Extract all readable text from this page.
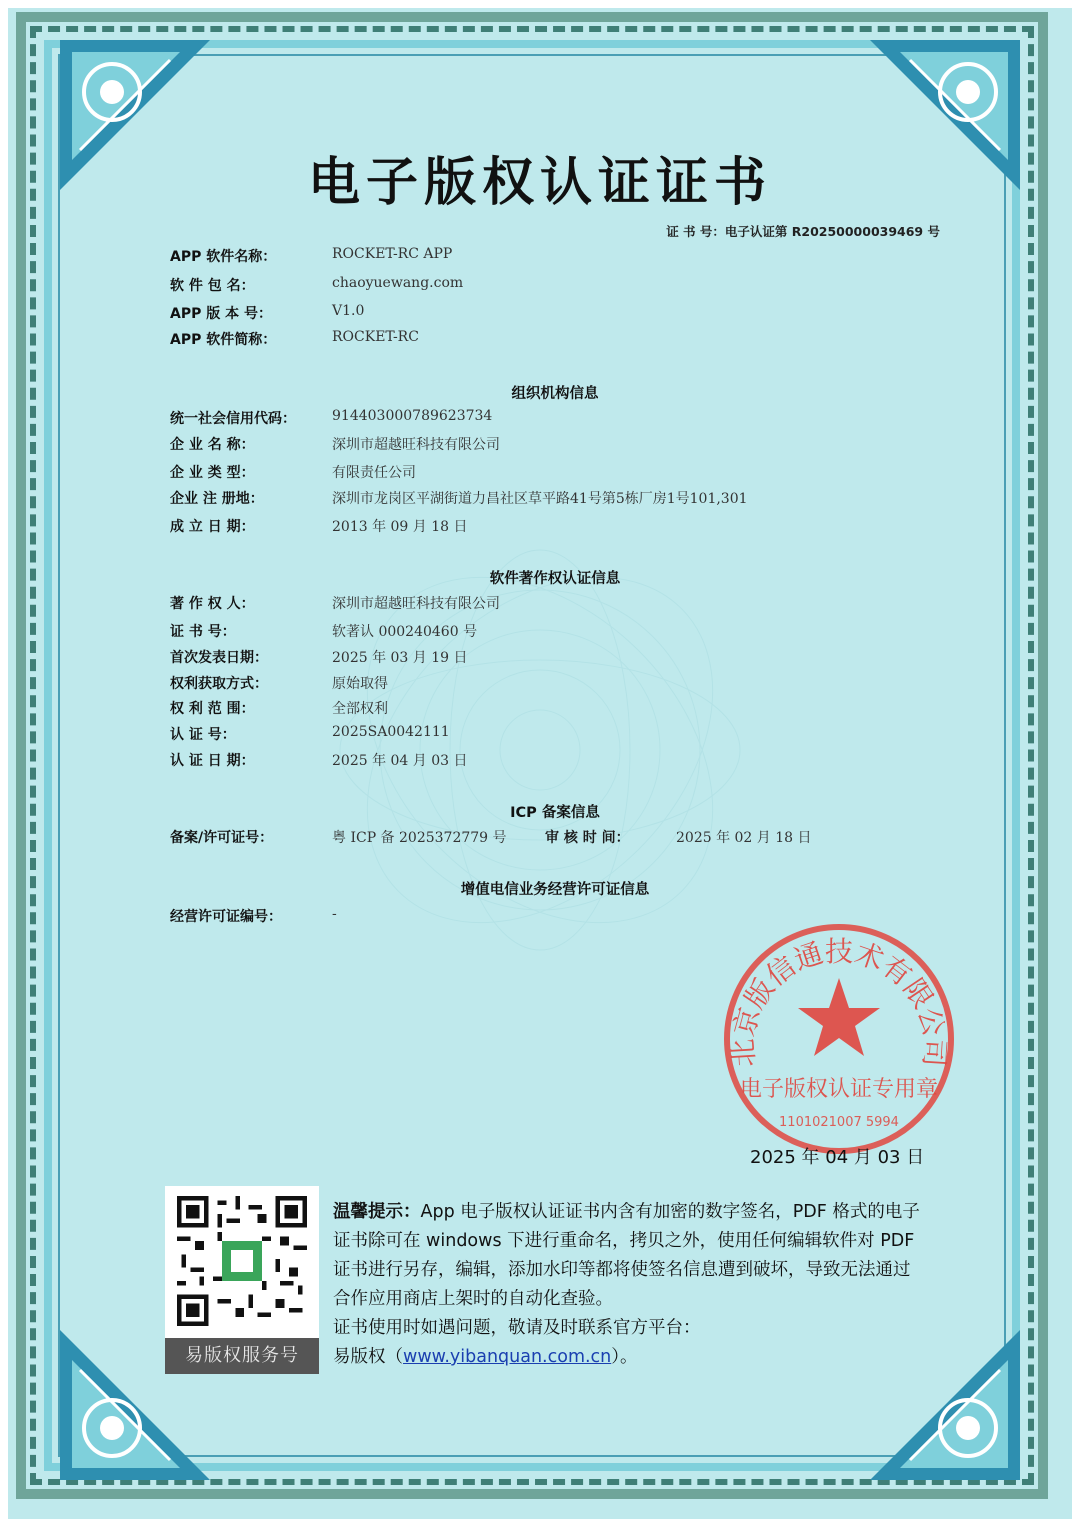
电子版权认证证书
证 书 号：电子认证第 R20250000039469 号
APP 软件名称：	ROCKET-RC APP
软 件 包 名：	chaoyuewang.com
APP 版 本 号：	V1.0
APP 软件简称：	ROCKET-RC
组织机构信息
统一社会信用代码：	914403000789623734
企 业 名 称：	深圳市超越旺科技有限公司
企 业 类 型：	有限责任公司
企业 注 册地：	深圳市龙岗区平湖街道力昌社区草平路41号第5栋厂房1号101,301
成 立 日 期：	2013 年 09 月 18 日
软件著作权认证信息
著 作 权 人：	深圳市超越旺科技有限公司
证 书 号：	软著认 000240460 号
首次发表日期：	2025 年 03 月 19 日
权利获取方式：	原始取得
权 利 范 围：	全部权利
认 证 号：	2025SA0042111
认 证 日 期：	2025 年 04 月 03 日
ICP 备案信息
备案/许可证号：	粤 ICP 备 2025372779 号	审 核 时 间：	2025 年 02 月 18 日
增值电信业务经营许可证信息
经营许可证编号：	-
北京版信通技术有限公司
电子版权认证专用章
1101021007 5994
2025 年 04 月 03 日
易版权服务号

温馨提示：App 电子版权认证证书内含有加密的数字签名，PDF 格式的电子证书除可在 windows 下进行重命名，拷贝之外，使用任何编辑软件对 PDF 证书进行另存，编辑，添加水印等都将使签名信息遭到破坏，导致无法通过合作应用商店上架时的自动化查验。

证书使用时如遇问题，敬请及时联系官方平台：

易版权（www.yibanquan.com.cn）。
